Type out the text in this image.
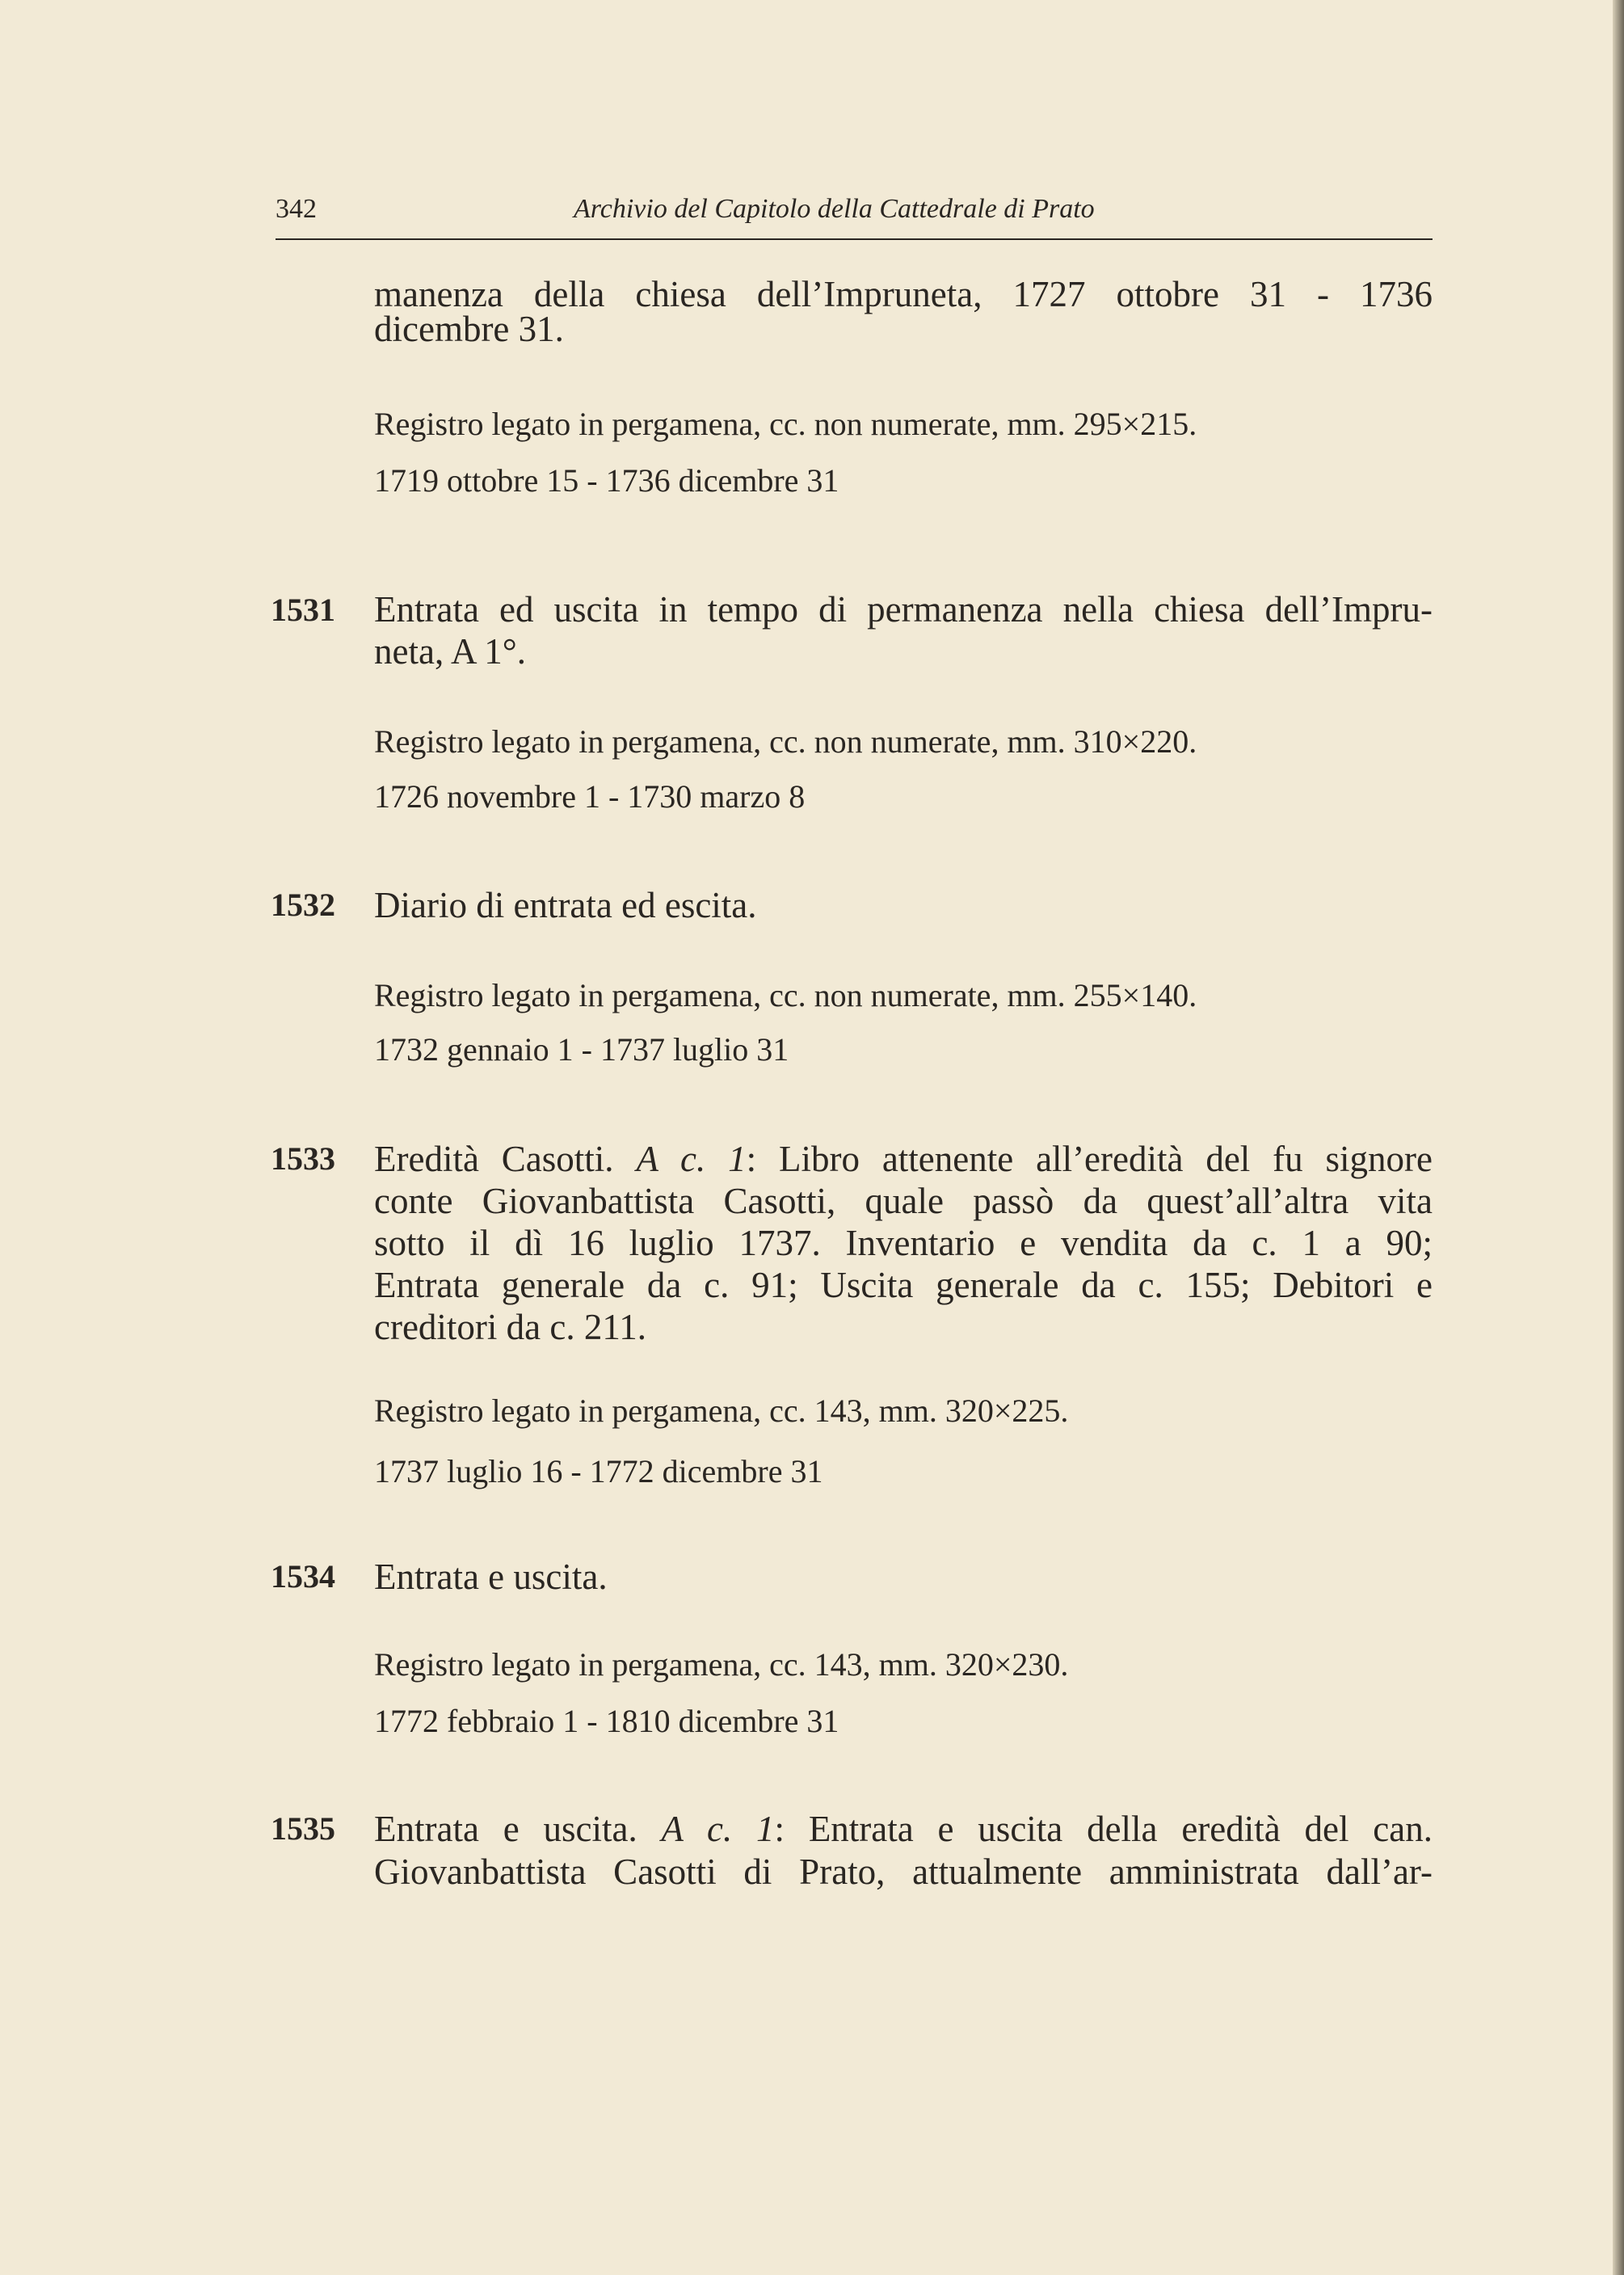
342	Archivio del Capitolo della Cattedrale di Prato
manenza della chiesa dell’Impruneta, 1727 ottobre 31 - 1736
dicembre 31.
Registro legato in pergamena, cc. non numerate, mm. 295×215.
1719 ottobre 15 - 1736 dicembre 31
1531 Entrata ed uscita in tempo di permanenza nella chiesa dell’Impru-
neta, A 1°.
Registro legato in pergamena, cc. non numerate, mm. 310×220.
1726 novembre 1 - 1730 marzo 8
1532 Diario di entrata ed escita.
Registro legato in pergamena, cc. non numerate, mm. 255×140.
1732 gennaio 1 - 1737 luglio 31
1533 Eredità Casotti. A c. 1: Libro attenente all’eredità del fu signore
conte Giovanbattista Casotti, quale passò da quest’all’altra vita
sotto il dì 16 luglio 1737. Inventario e vendita da c. 1 a 90;
Entrata generale da c. 91; Uscita generale da c. 155; Debitori e
creditori da c. 211.
Registro legato in pergamena, cc. 143, mm. 320×225.
1737 luglio 16 - 1772 dicembre 31
1534 Entrata e uscita.
Registro legato in pergamena, cc. 143, mm. 320×230.
1772 febbraio 1 - 1810 dicembre 31
1535 Entrata e uscita. A c. 1: Entrata e uscita della eredità del can.
Giovanbattista Casotti di Prato, attualmente amministrata dall’ar-
